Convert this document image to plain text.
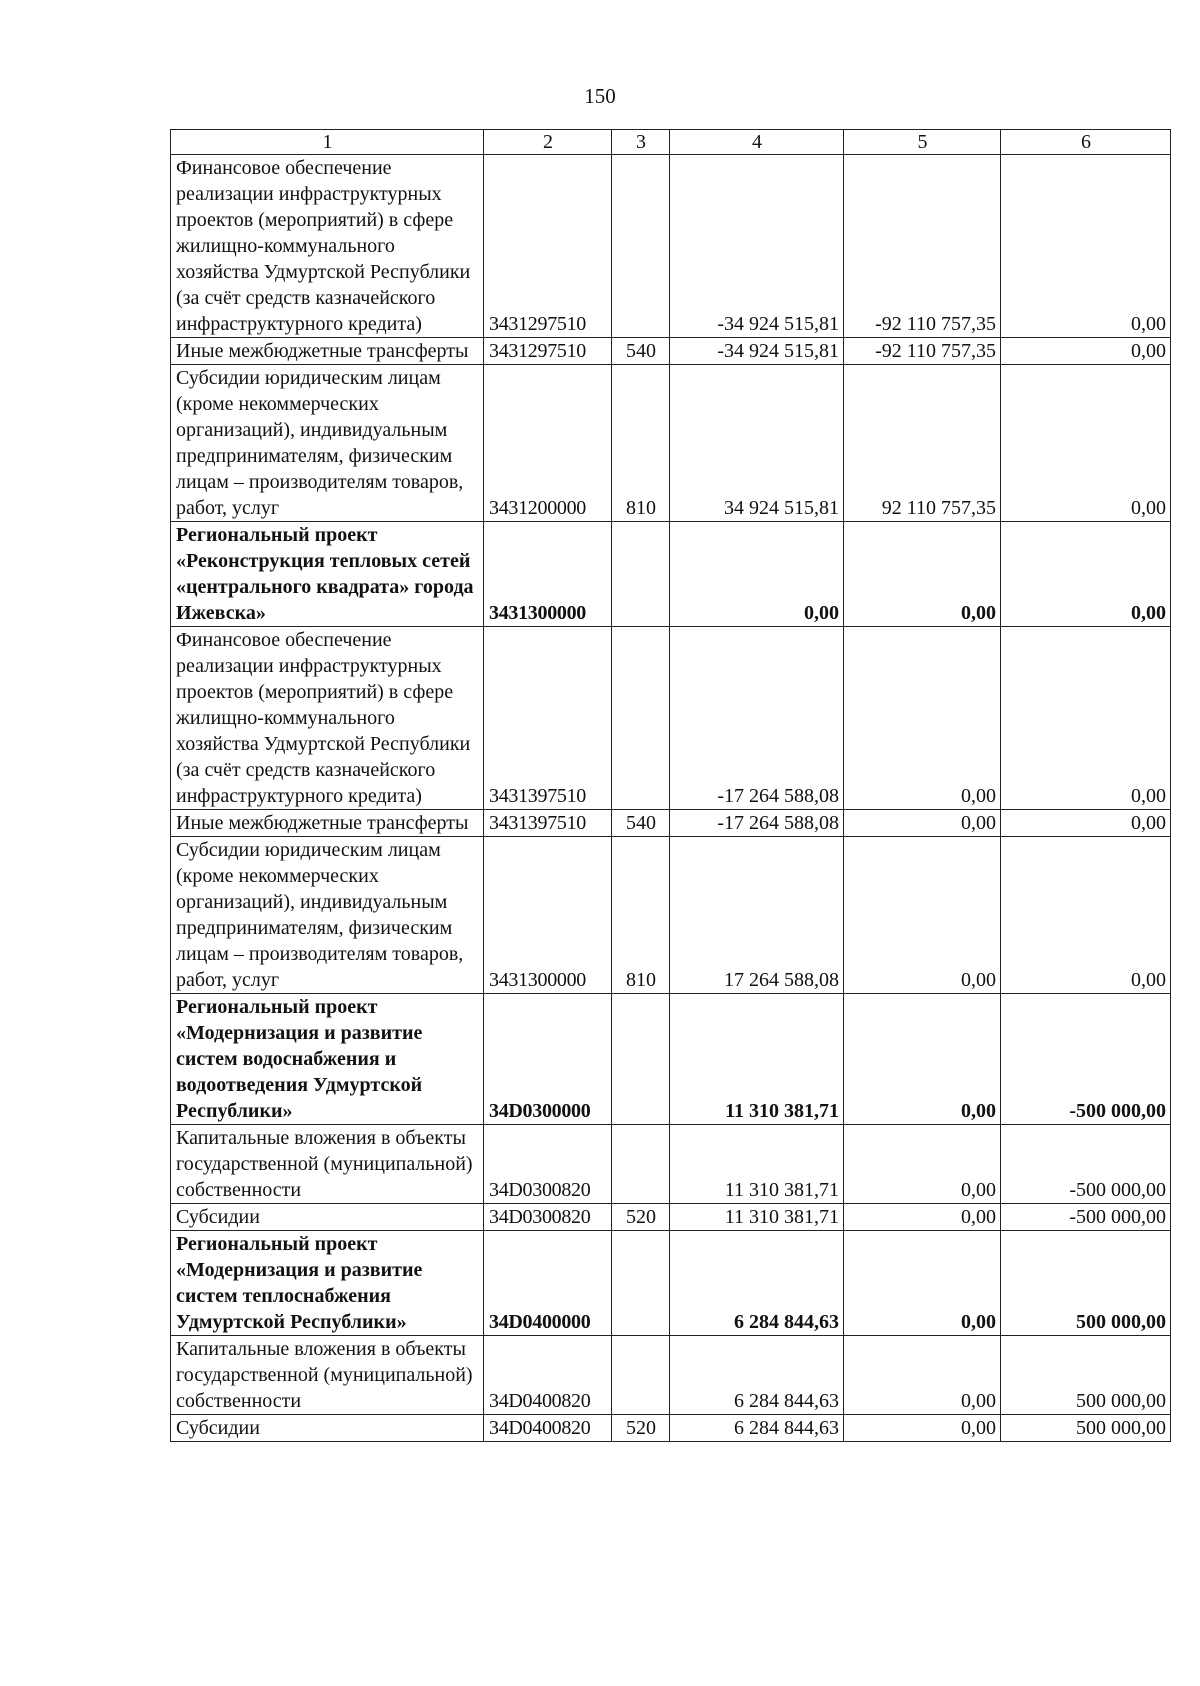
150
1	2	3	4	5	6
Финансовое обеспечение реализации инфраструктурных проектов (мероприятий) в сфере жилищно-коммунального хозяйства Удмуртской Республики (за счёт средств казначейского инфраструктурного кредита)	3431297510		-34 924 515,81	-92 110 757,35	0,00
Иные межбюджетные трансферты	3431297510	540	-34 924 515,81	-92 110 757,35	0,00
Субсидии юридическим лицам (кроме некоммерческих организаций), индивидуальным предпринимателям, физическим лицам – производителям товаров, работ, услуг	3431200000	810	34 924 515,81	92 110 757,35	0,00
Региональный проект «Реконструкция тепловых сетей «центрального квадрата» города Ижевска»	3431300000		0,00	0,00	0,00
Финансовое обеспечение реализации инфраструктурных проектов (мероприятий) в сфере жилищно-коммунального хозяйства Удмуртской Республики (за счёт средств казначейского инфраструктурного кредита)	3431397510		-17 264 588,08	0,00	0,00
Иные межбюджетные трансферты	3431397510	540	-17 264 588,08	0,00	0,00
Субсидии юридическим лицам (кроме некоммерческих организаций), индивидуальным предпринимателям, физическим лицам – производителям товаров, работ, услуг	3431300000	810	17 264 588,08	0,00	0,00
Региональный проект «Модернизация и развитие систем водоснабжения и водоотведения Удмуртской Республики»	34D0300000		11 310 381,71	0,00	-500 000,00
Капитальные вложения в объекты государственной (муниципальной) собственности	34D0300820		11 310 381,71	0,00	-500 000,00
Субсидии	34D0300820	520	11 310 381,71	0,00	-500 000,00
Региональный проект «Модернизация и развитие систем теплоснабжения Удмуртской Республики»	34D0400000		6 284 844,63	0,00	500 000,00
Капитальные вложения в объекты государственной (муниципальной) собственности	34D0400820		6 284 844,63	0,00	500 000,00
Субсидии	34D0400820	520	6 284 844,63	0,00	500 000,00
